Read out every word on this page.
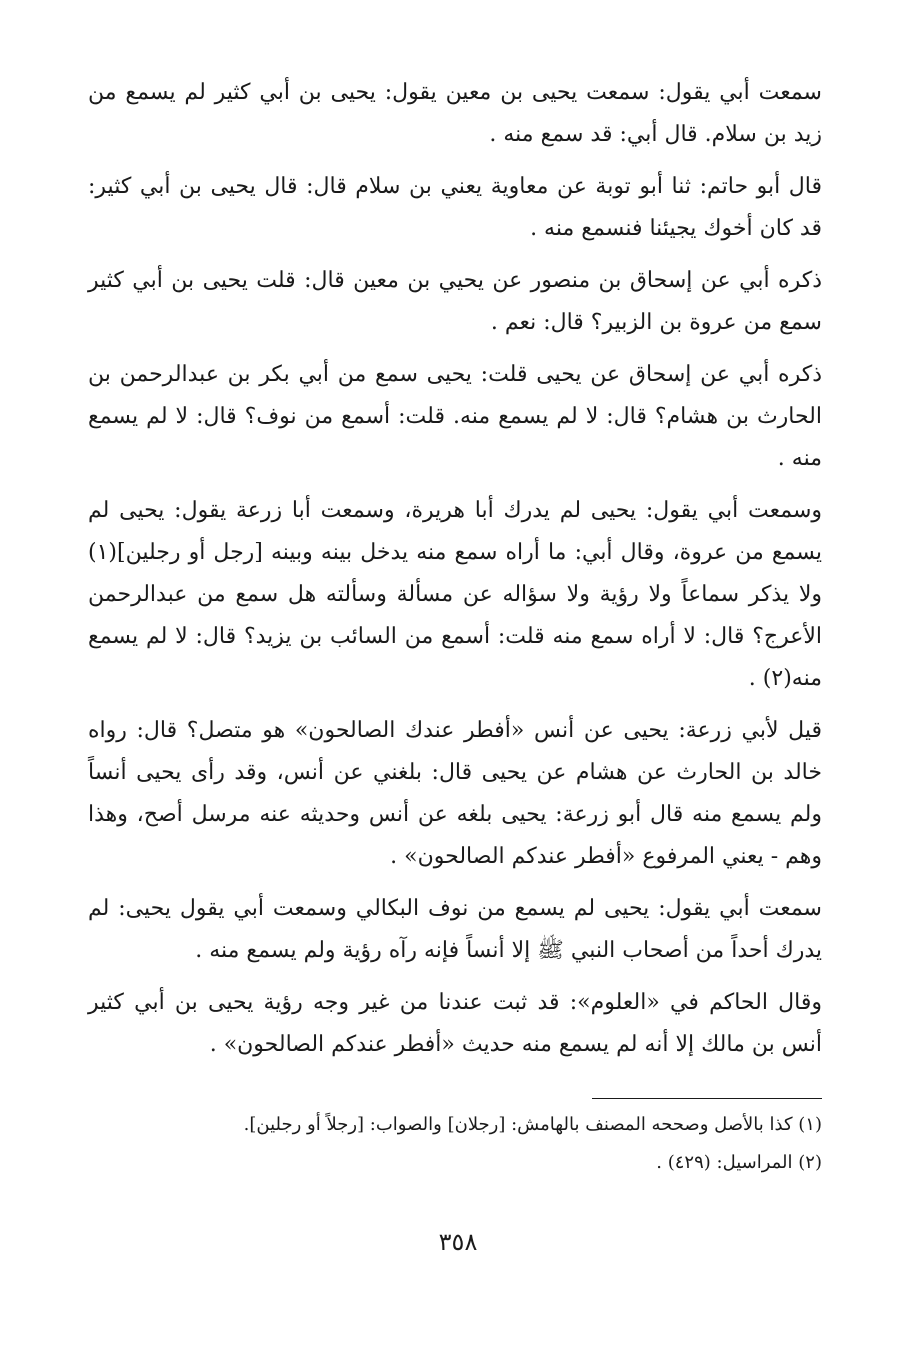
سمعت أبي يقول: سمعت يحيى بن معين يقول: يحيى بن أبي كثير لم يسمع من زيد بن سلام. قال أبي: قد سمع منه .

قال أبو حاتم: ثنا أبو توبة عن معاوية يعني بن سلام قال: قال يحيى بن أبي كثير: قد كان أخوك يجيئنا فنسمع منه .

ذكره أبي عن إسحاق بن منصور عن يحيي بن معين قال: قلت يحيى بن أبي كثير سمع من عروة بن الزبير؟ قال: نعم .

ذكره أبي عن إسحاق عن يحيى قلت: يحيى سمع من أبي بكر بن عبدالرحمن بن الحارث بن هشام؟ قال: لا لم يسمع منه. قلت: أسمع من نوف؟ قال: لا لم يسمع منه .

وسمعت أبي يقول: يحيى لم يدرك أبا هريرة، وسمعت أبا زرعة يقول: يحيى لم يسمع من عروة، وقال أبي: ما أراه سمع منه يدخل بينه وبينه [رجل أو رجلين](١) ولا يذكر سماعاً ولا رؤية ولا سؤاله عن مسألة وسألته هل سمع من عبدالرحمن الأعرج؟ قال: لا أراه سمع منه قلت: أسمع من السائب بن يزيد؟ قال: لا لم يسمع منه(٢) .

قيل لأبي زرعة: يحيى عن أنس «أفطر عندك الصالحون» هو متصل؟ قال: رواه خالد بن الحارث عن هشام عن يحيى قال: بلغني عن أنس، وقد رأى يحيى أنساً ولم يسمع منه قال أبو زرعة: يحيى بلغه عن أنس وحديثه عنه مرسل أصح، وهذا وهم - يعني المرفوع «أفطر عندكم الصالحون» .

سمعت أبي يقول: يحيى لم يسمع من نوف البكالي وسمعت أبي يقول يحيى: لم يدرك أحداً من أصحاب النبي ﷺ إلا أنساً فإنه رآه رؤية ولم يسمع منه .

وقال الحاكم في «العلوم»: قد ثبت عندنا من غير وجه رؤية يحيى بن أبي كثير أنس بن مالك إلا أنه لم يسمع منه حديث «أفطر عندكم الصالحون» .

(١) كذا بالأصل وصححه المصنف بالهامش: [رجلان] والصواب: [رجلاً أو رجلين].
(٢) المراسيل: (٤٢٩) .
٣٥٨
